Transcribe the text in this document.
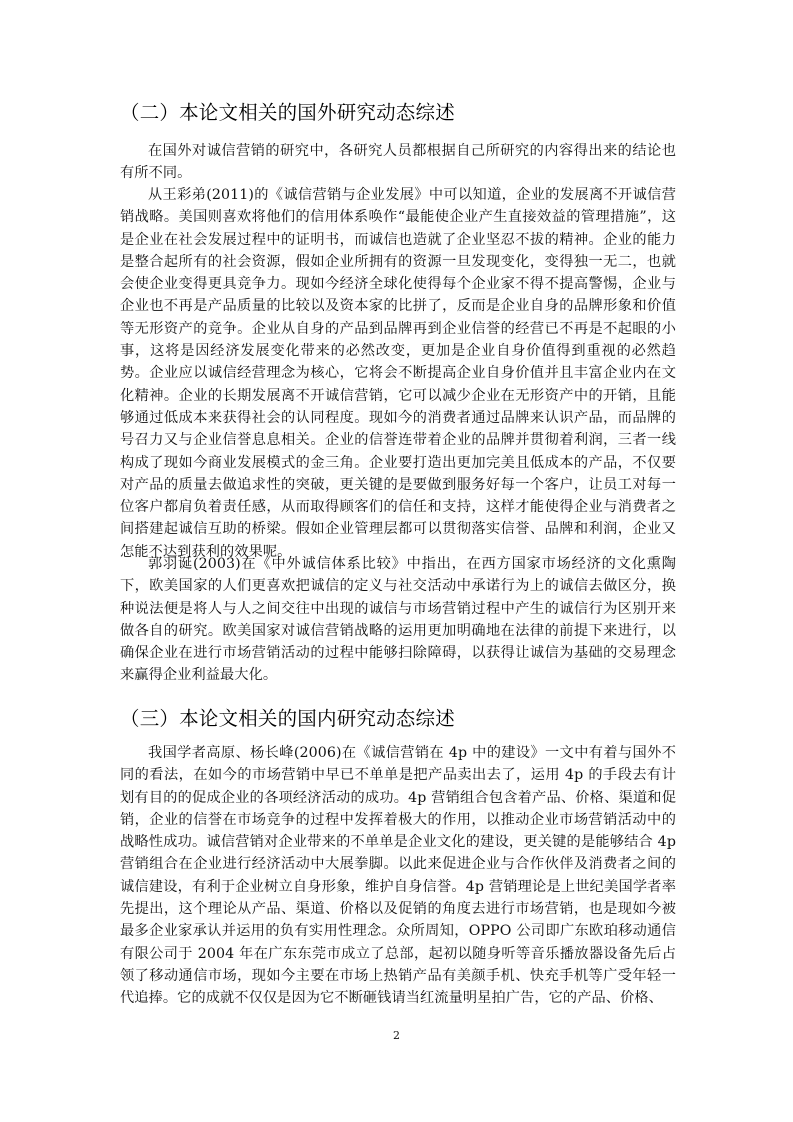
（二）本论文相关的国外研究动态综述

在国外对诚信营销的研究中，各研究人员都根据自己所研究的内容得出来的结论也有所不同。

从王彩弟(2011)的《诚信营销与企业发展》中可以知道，企业的发展离不开诚信营销战略。美国则喜欢将他们的信用体系唤作“最能使企业产生直接效益的管理措施”，这是企业在社会发展过程中的证明书，而诚信也造就了企业坚忍不拔的精神。企业的能力是整合起所有的社会资源，假如企业所拥有的资源一旦发现变化，变得独一无二，也就会使企业变得更具竞争力。现如今经济全球化使得每个企业家不得不提高警惕，企业与企业也不再是产品质量的比较以及资本家的比拼了，反而是企业自身的品牌形象和价值等无形资产的竞争。企业从自身的产品到品牌再到企业信誉的经营已不再是不起眼的小事，这将是因经济发展变化带来的必然改变，更加是企业自身价值得到重视的必然趋势。企业应以诚信经营理念为核心，它将会不断提高企业自身价值并且丰富企业内在文化精神。企业的长期发展离不开诚信营销，它可以减少企业在无形资产中的开销，且能够通过低成本来获得社会的认同程度。现如今的消费者通过品牌来认识产品，而品牌的号召力又与企业信誉息息相关。企业的信誉连带着企业的品牌并贯彻着利润，三者一线构成了现如今商业发展模式的金三角。企业要打造出更加完美且低成本的产品，不仅要对产品的质量去做追求性的突破，更关键的是要做到服务好每一个客户，让员工对每一位客户都肩负着责任感，从而取得顾客们的信任和支持，这样才能使得企业与消费者之间搭建起诚信互助的桥梁。假如企业管理层都可以贯彻落实信誉、品牌和利润，企业又怎能不达到获利的效果呢。

郭羽诞(2003)在《中外诚信体系比较》中指出，在西方国家市场经济的文化熏陶下，欧美国家的人们更喜欢把诚信的定义与社交活动中承诺行为上的诚信去做区分，换种说法便是将人与人之间交往中出现的诚信与市场营销过程中产生的诚信行为区别开来做各自的研究。欧美国家对诚信营销战略的运用更加明确地在法律的前提下来进行，以确保企业在进行市场营销活动的过程中能够扫除障碍，以获得让诚信为基础的交易理念来赢得企业利益最大化。

（三）本论文相关的国内研究动态综述

我国学者高原、杨长峰(2006)在《诚信营销在 4p 中的建设》一文中有着与国外不同的看法，在如今的市场营销中早已不单单是把产品卖出去了，运用 4p 的手段去有计划有目的的促成企业的各项经济活动的成功。4p 营销组合包含着产品、价格、渠道和促销，企业的信誉在市场竞争的过程中发挥着极大的作用，以推动企业市场营销活动中的战略性成功。诚信营销对企业带来的不单单是企业文化的建设，更关键的是能够结合 4p 营销组合在企业进行经济活动中大展拳脚。以此来促进企业与合作伙伴及消费者之间的诚信建设，有利于企业树立自身形象，维护自身信誉。4p 营销理论是上世纪美国学者率先提出，这个理论从产品、渠道、价格以及促销的角度去进行市场营销，也是现如今被最多企业家承认并运用的负有实用性理念。众所周知，OPPO 公司即广东欧珀移动通信有限公司于 2004 年在广东东莞市成立了总部，起初以随身听等音乐播放器设备先后占领了移动通信市场，现如今主要在市场上热销产品有美颜手机、快充手机等广受年轻一代追捧。它的成就不仅仅是因为它不断砸钱请当红流量明星拍广告，它的产品、价格、

2
